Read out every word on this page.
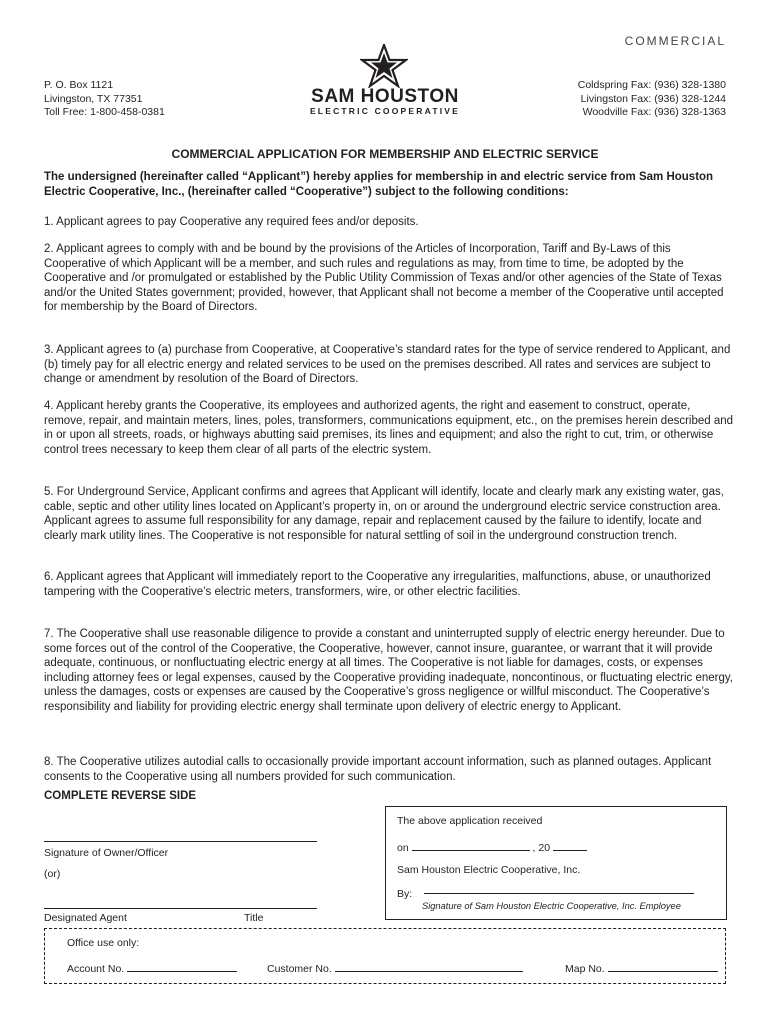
COMMERCIAL
P. O. Box 1121
Livingston, TX 77351
Toll Free: 1-800-458-0381
SAM HOUSTON
ELECTRIC COOPERATIVE
Coldspring Fax: (936) 328-1380
Livingston Fax: (936) 328-1244
Woodville Fax: (936) 328-1363
COMMERCIAL APPLICATION FOR MEMBERSHIP AND ELECTRIC SERVICE
The undersigned (hereinafter called “Applicant”) hereby applies for membership in and electric service from Sam Houston Electric Cooperative, Inc., (hereinafter called “Cooperative”) subject to the following conditions:
1. Applicant agrees to pay Cooperative any required fees and/or deposits.
2. Applicant agrees to comply with and be bound by the provisions of the Articles of Incorporation, Tariff and By-Laws of this Cooperative of which Applicant will be a member, and such rules and regulations as may, from time to time, be adopted by the Cooperative and /or promulgated or established by the Public Utility Commission of Texas and/or other agencies of the State of Texas and/or the United States government; provided, however, that Applicant shall not become a member of the Cooperative until accepted for membership by the Board of Directors.
3. Applicant agrees to (a) purchase from Cooperative, at Cooperative’s standard rates for the type of service rendered to Applicant, and (b) timely pay for all electric energy and related services to be used on the premises described. All rates and services are subject to change or amendment by resolution of the Board of Directors.
4. Applicant hereby grants the Cooperative, its employees and authorized agents, the right and easement to construct, operate, remove, repair, and maintain meters, lines, poles, transformers, communications equipment, etc., on the premises herein described and in or upon all streets, roads, or highways abutting said premises, its lines and equipment; and also the right to cut, trim, or otherwise control trees necessary to keep them clear of all parts of the electric system.
5. For Underground Service, Applicant confirms and agrees that Applicant will identify, locate and clearly mark any existing water, gas, cable, septic and other utility lines located on Applicant’s property in, on or around the underground electric service construction area. Applicant agrees to assume full responsibility for any damage, repair and replacement caused by the failure to identify, locate and clearly mark utility lines. The Cooperative is not responsible for natural settling of soil in the underground construction trench.
6. Applicant agrees that Applicant will immediately report to the Cooperative any irregularities, malfunctions, abuse, or unauthorized tampering with the Cooperative’s electric meters, transformers, wire, or other electric facilities.
7. The Cooperative shall use reasonable diligence to provide a constant and uninterrupted supply of electric energy hereunder. Due to some forces out of the control of the Cooperative, the Cooperative, however, cannot insure, guarantee, or warrant that it will provide adequate, continuous, or nonfluctuating electric energy at all times. The Cooperative is not liable for damages, costs, or expenses including attorney fees or legal expenses, caused by the Cooperative providing inadequate, noncontinous, or fluctuating electric energy, unless the damages, costs or expenses are caused by the Cooperative’s gross negligence or willful misconduct. The Cooperative’s responsibility and liability for providing electric energy shall terminate upon delivery of electric energy to Applicant.
8. The Cooperative utilizes autodial calls to occasionally provide important account information, such as planned outages. Applicant consents to the Cooperative using all numbers provided for such communication.
COMPLETE REVERSE SIDE
Signature of Owner/Officer
(or)
Designated Agent	Title
The above application received
on	, 20
Sam Houston Electric Cooperative, Inc.
By:
Signature of Sam Houston Electric Cooperative, Inc. Employee
Office use only:
Account No.	Customer No.	Map No.
